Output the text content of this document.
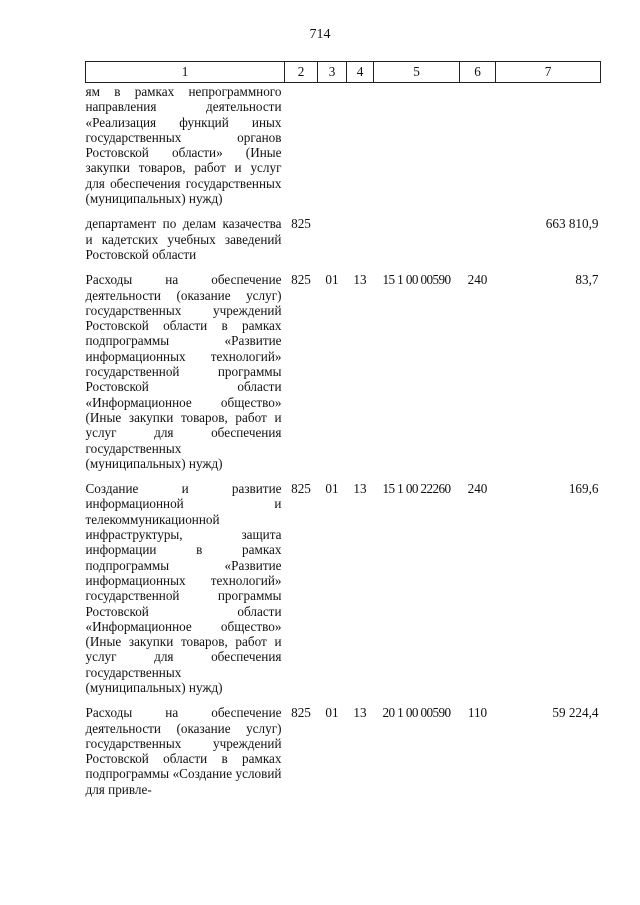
714
1	2	3	4	5	6	7
ям в рамках непрограммного направления деятельности «Реализация функций иных государственных органов Ростовской области» (Иные закупки товаров, работ и услуг для обеспечения государственных (муниципальных) нужд)						
департамент по делам казачества и кадетских учебных заведений Ростовской области	825					663 810,9
Расходы на обеспечение деятельности (оказание услуг) государственных учреждений Ростовской области в рамках подпрограммы «Развитие информационных технологий» государственной программы Ростовской области «Информационное общество» (Иные закупки товаров, работ и услуг для обеспечения государственных (муниципальных) нужд)	825	01	13	15 1 00 00590	240	83,7
Создание и развитие информационной и телекоммуникационной инфраструктуры, защита информации в рамках подпрограммы «Развитие информационных технологий» государственной программы Ростовской области «Информационное общество» (Иные закупки товаров, работ и услуг для обеспечения государственных (муниципальных) нужд)	825	01	13	15 1 00 22260	240	169,6
Расходы на обеспечение деятельности (оказание услуг) государственных учреждений Ростовской области в рамках подпрограммы «Создание условий для привле-	825	01	13	20 1 00 00590	110	59 224,4
